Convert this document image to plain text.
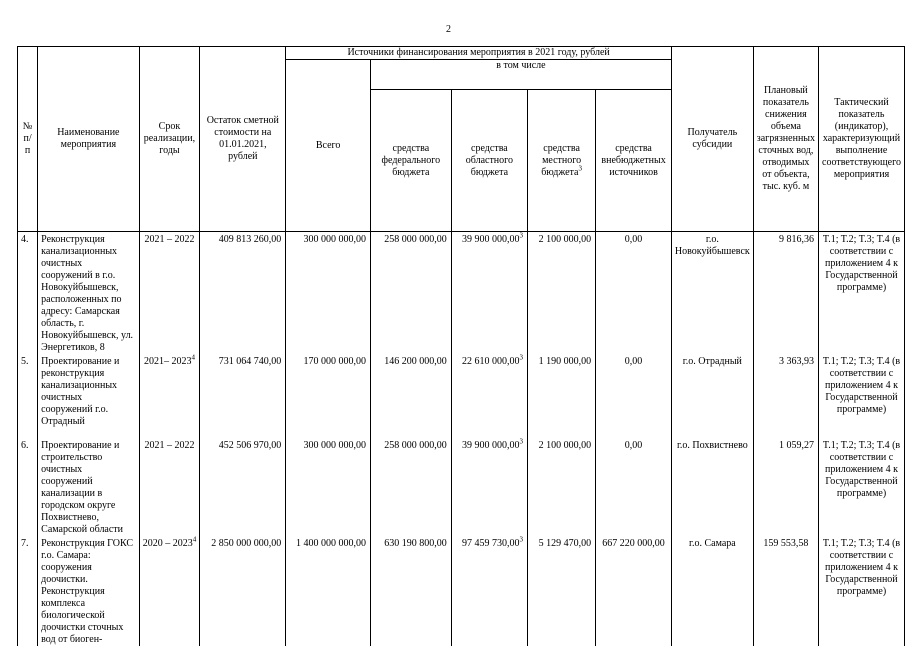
2
№ п/п	Наименование мероприятия	Срок реализации, годы	Остаток сметной стоимости на 01.01.2021, рублей	Источники финансирования мероприятия в 2021 году, рублей					Получатель субсидии	Плановый показатель снижения объема загрязненных сточных вод, отводимых от объекта, тыс. куб. м	Тактический показатель (индикатор), характеризующий выполнение соответствующего мероприятия
				Всего	в том числе						
					средства федерального бюджета	средства областного бюджета	средства местного бюджета$^3$	средства внебюджетных источников			
4.	Реконструкция канализационных очистных сооружений в г.о. Новокуйбышевск, расположенных по адресу: Самарская область, г. Новокуйбышевск, ул. Энергетиков, 8	2021 – 2022	409 813 260,00	300 000 000,00	258 000 000,00	39 900 000,00$^3$	2 100 000,00	0,00	г.о. Новокуйбышевск	9 816,36	T.1; T.2; T.3; T.4 (в соответствии с приложением 4 к Государственной программе)
5.	Проектирование и реконструкция канализационных очистных сооружений г.о. Отрадный	2021– 2023$^4$	731 064 740,00	170 000 000,00	146 200 000,00	22 610 000,00$^3$	1 190 000,00	0,00	г.о. Отрадный	3 363,93	T.1; T.2; T.3; T.4 (в соответствии с приложением 4 к Государственной программе)
6.	Проектирование и строительство очистных сооружений канализации в городском округе Похвистнево, Самарской области	2021 – 2022	452 506 970,00	300 000 000,00	258 000 000,00	39 900 000,00$^3$	2 100 000,00	0,00	г.о. Похвистнево	1 059,27	T.1; T.2; T.3; T.4 (в соответствии с приложением 4 к Государственной программе)
7.	Реконструкция ГОКС г.о. Самара: сооружения доочистки. Реконструкция комплекса биологической доочистки сточных вод от биоген-	2020 – 2023$^4$	2 850 000 000,00	1 400 000 000,00	630 190 800,00	97 459 730,00$^3$	5 129 470,00	667 220 000,00	г.о. Самара	159 553,58	T.1; T.2; T.3; T.4 (в соответствии с приложением 4 к Государственной программе)
